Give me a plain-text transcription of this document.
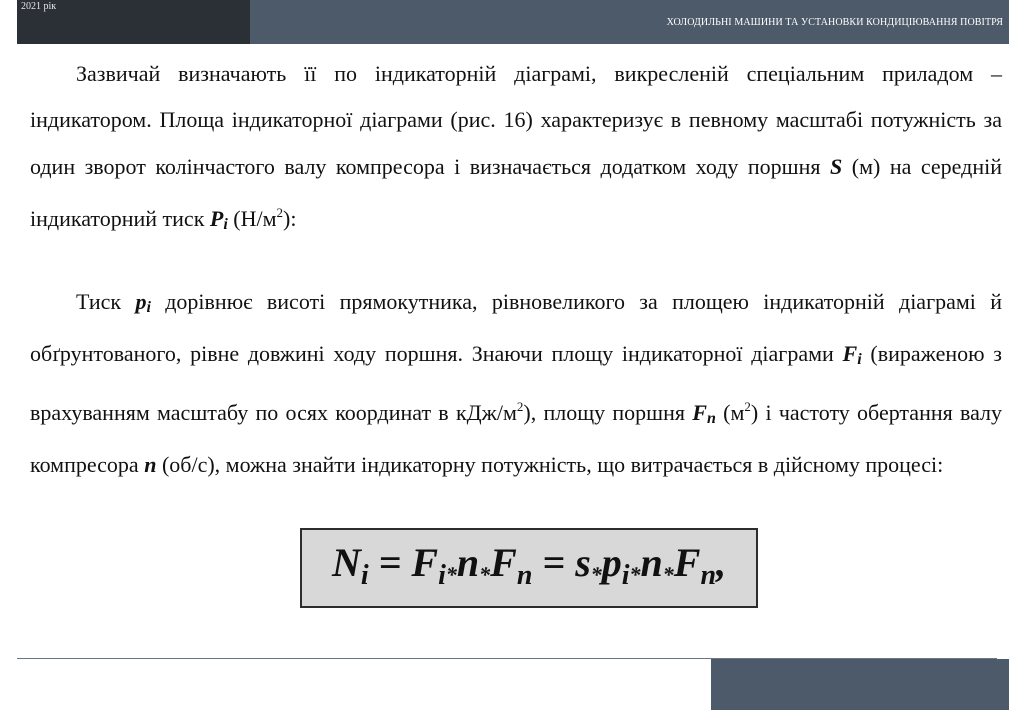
2021 рік
ХОЛОДИЛЬНІ МАШИНИ ТА УСТАНОВКИ КОНДИЦІЮВАННЯ ПОВІТРЯ

Зазвичай визначають її по індикаторній діаграмі, викресленій спеціальним приладом – індикатором. Площа індикаторної діаграми (рис. 16) характеризує в певному масштабі потужність за один зворот колінчастого валу компресора і визначається додатком ходу поршня S (м) на середній індикаторний тиск Pi $(Н/м^2)$:

Тиск pi дорівнює висоті прямокутника, рівновеликого за площею індикаторній діаграмі й обґрунтованого, рівне довжині ходу поршня. Знаючи площу індикаторної діаграми Fi (вираженою з врахуванням масштабу по осях координат в кДж/$м^2$), площу поршня Fn $(м^2)$ і частоту обертання валу компресора n (об/с), можна знайти індикаторну потужність, що витрачається в дійсному процесі:

$N_i = F_i*n*F_n = s*p_i*n*F_n$,
